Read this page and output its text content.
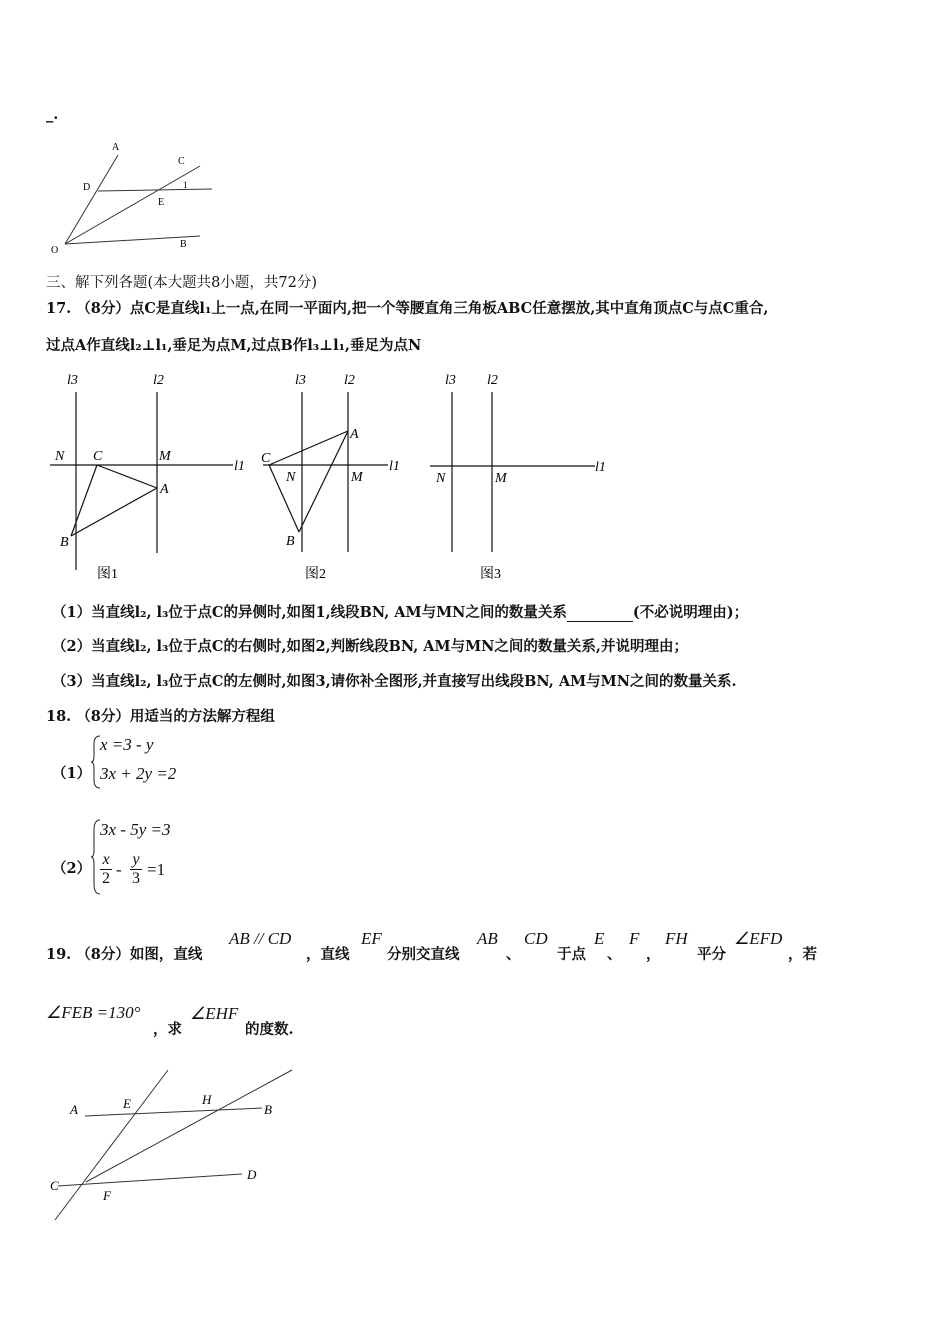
_.
A
C
D	1
E
O
B
三、解下列各题(本大题共8小题，共72分)
17. （8分）点C是直线l₁上一点,在同一平面内,把一个等腰直角三角板ABC任意摆放,其中直角顶点C与点C重合,
过点A作直线l₂⊥l₁,垂足为点M,过点B作l₃⊥l₁,垂足为点N
l3	l2
l1
N C	M
A
B
图1
l3	l2
l1
A
C
N	M
B
图2
l3 l2
l1
N	M
图3
（1）当直线l₂, l₃位于点C的异侧时,如图1,线段BN, AM与MN之间的数量关系	(不必说明理由)；
（2）当直线l₂, l₃位于点C的右侧时,如图2,判断线段BN, AM与MN之间的数量关系,并说明理由；
（3）当直线l₂, l₃位于点C的左侧时,如图3,请你补全图形,并直接写出线段BN, AM与MN之间的数量关系.
18. （8分）用适当的方法解方程组
（1）
x =3 - y
3x + 2y =2
（2）
3x - 5y =3
$\frac{x}{2} - \frac{y}{3} =1$
19. （8分）如图，直线
AB // CD
，直线
EF
分别交直线
AB
、
CD
于点
E
、
F
，
FH
平分
∠EFD
，若
∠FEB =130°
，求
∠EHF
的度数.
A	E	H
B
C
F
D
